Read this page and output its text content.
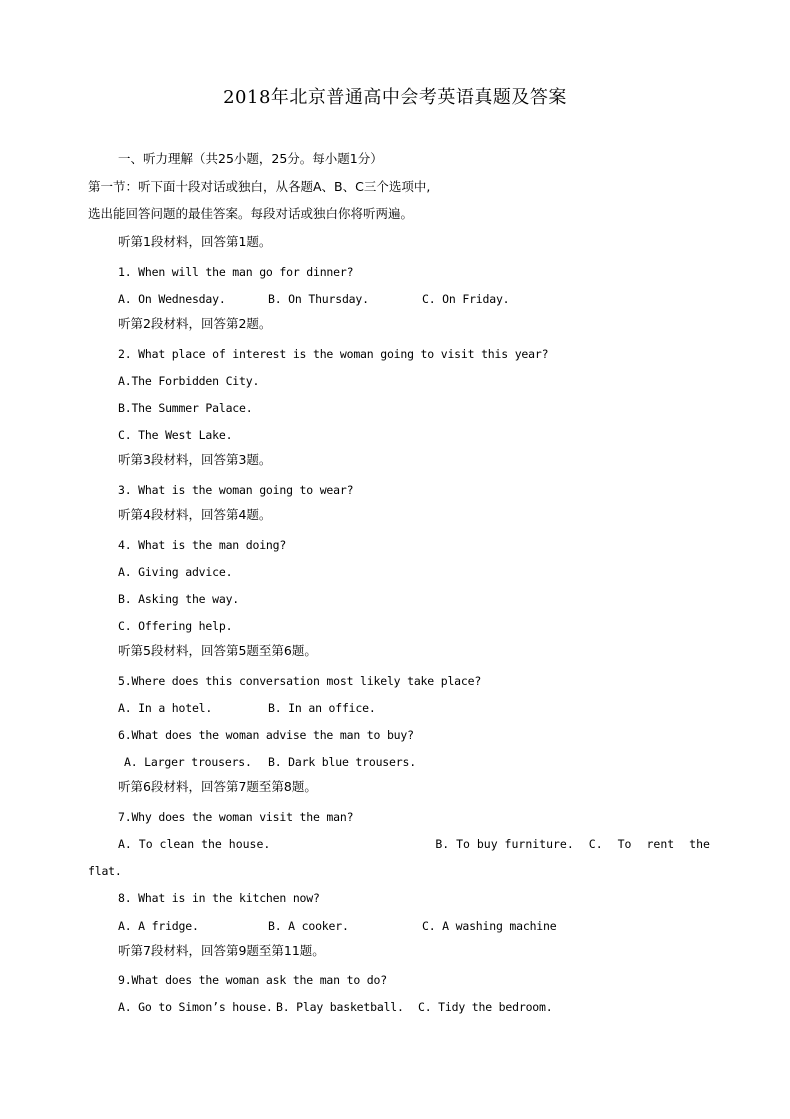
2018年北京普通高中会考英语真题及答案
一、听力理解（共25小题，25分。每小题1分）
第一节：听下面十段对话或独白，从各题A、B、C三个选项中,
选出能回答问题的最佳答案。每段对话或独白你将听两遍。
听第1段材料，回答第1题。
1. When will the man go for dinner?
A. On Wednesday.	B. On Thursday.	C. On Friday.
听第2段材料，回答第2题。
2. What place of interest is the woman going to visit this year?
A.The Forbidden City.
B.The Summer Palace.
C. The West Lake.
听第3段材料，回答第3题。
3. What is the woman going to wear?
听第4段材料，回答第4题。
4. What is the man doing?
A. Giving advice.
B. Asking the way.
C. Offering help.
听第5段材料，回答第5题至第6题。
5.Where does this conversation most likely take place?
A. In a hotel.	B. In an office.
6.What does the woman advise the man to buy?
A. Larger trousers. B. Dark blue trousers.
听第6段材料，回答第7题至第8题。
7.Why does the woman visit the man?
A. To clean the house.	B. To buy furniture. C. To rent the
flat.
8. What is in the kitchen now?
A. A fridge.	B. A cooker.	C. A washing machine
听第7段材料，回答第9题至第11题。
9.What does the woman ask the man to do?
A. Go to Simon’s house. B. Play basketball. C. Tidy the bedroom.
